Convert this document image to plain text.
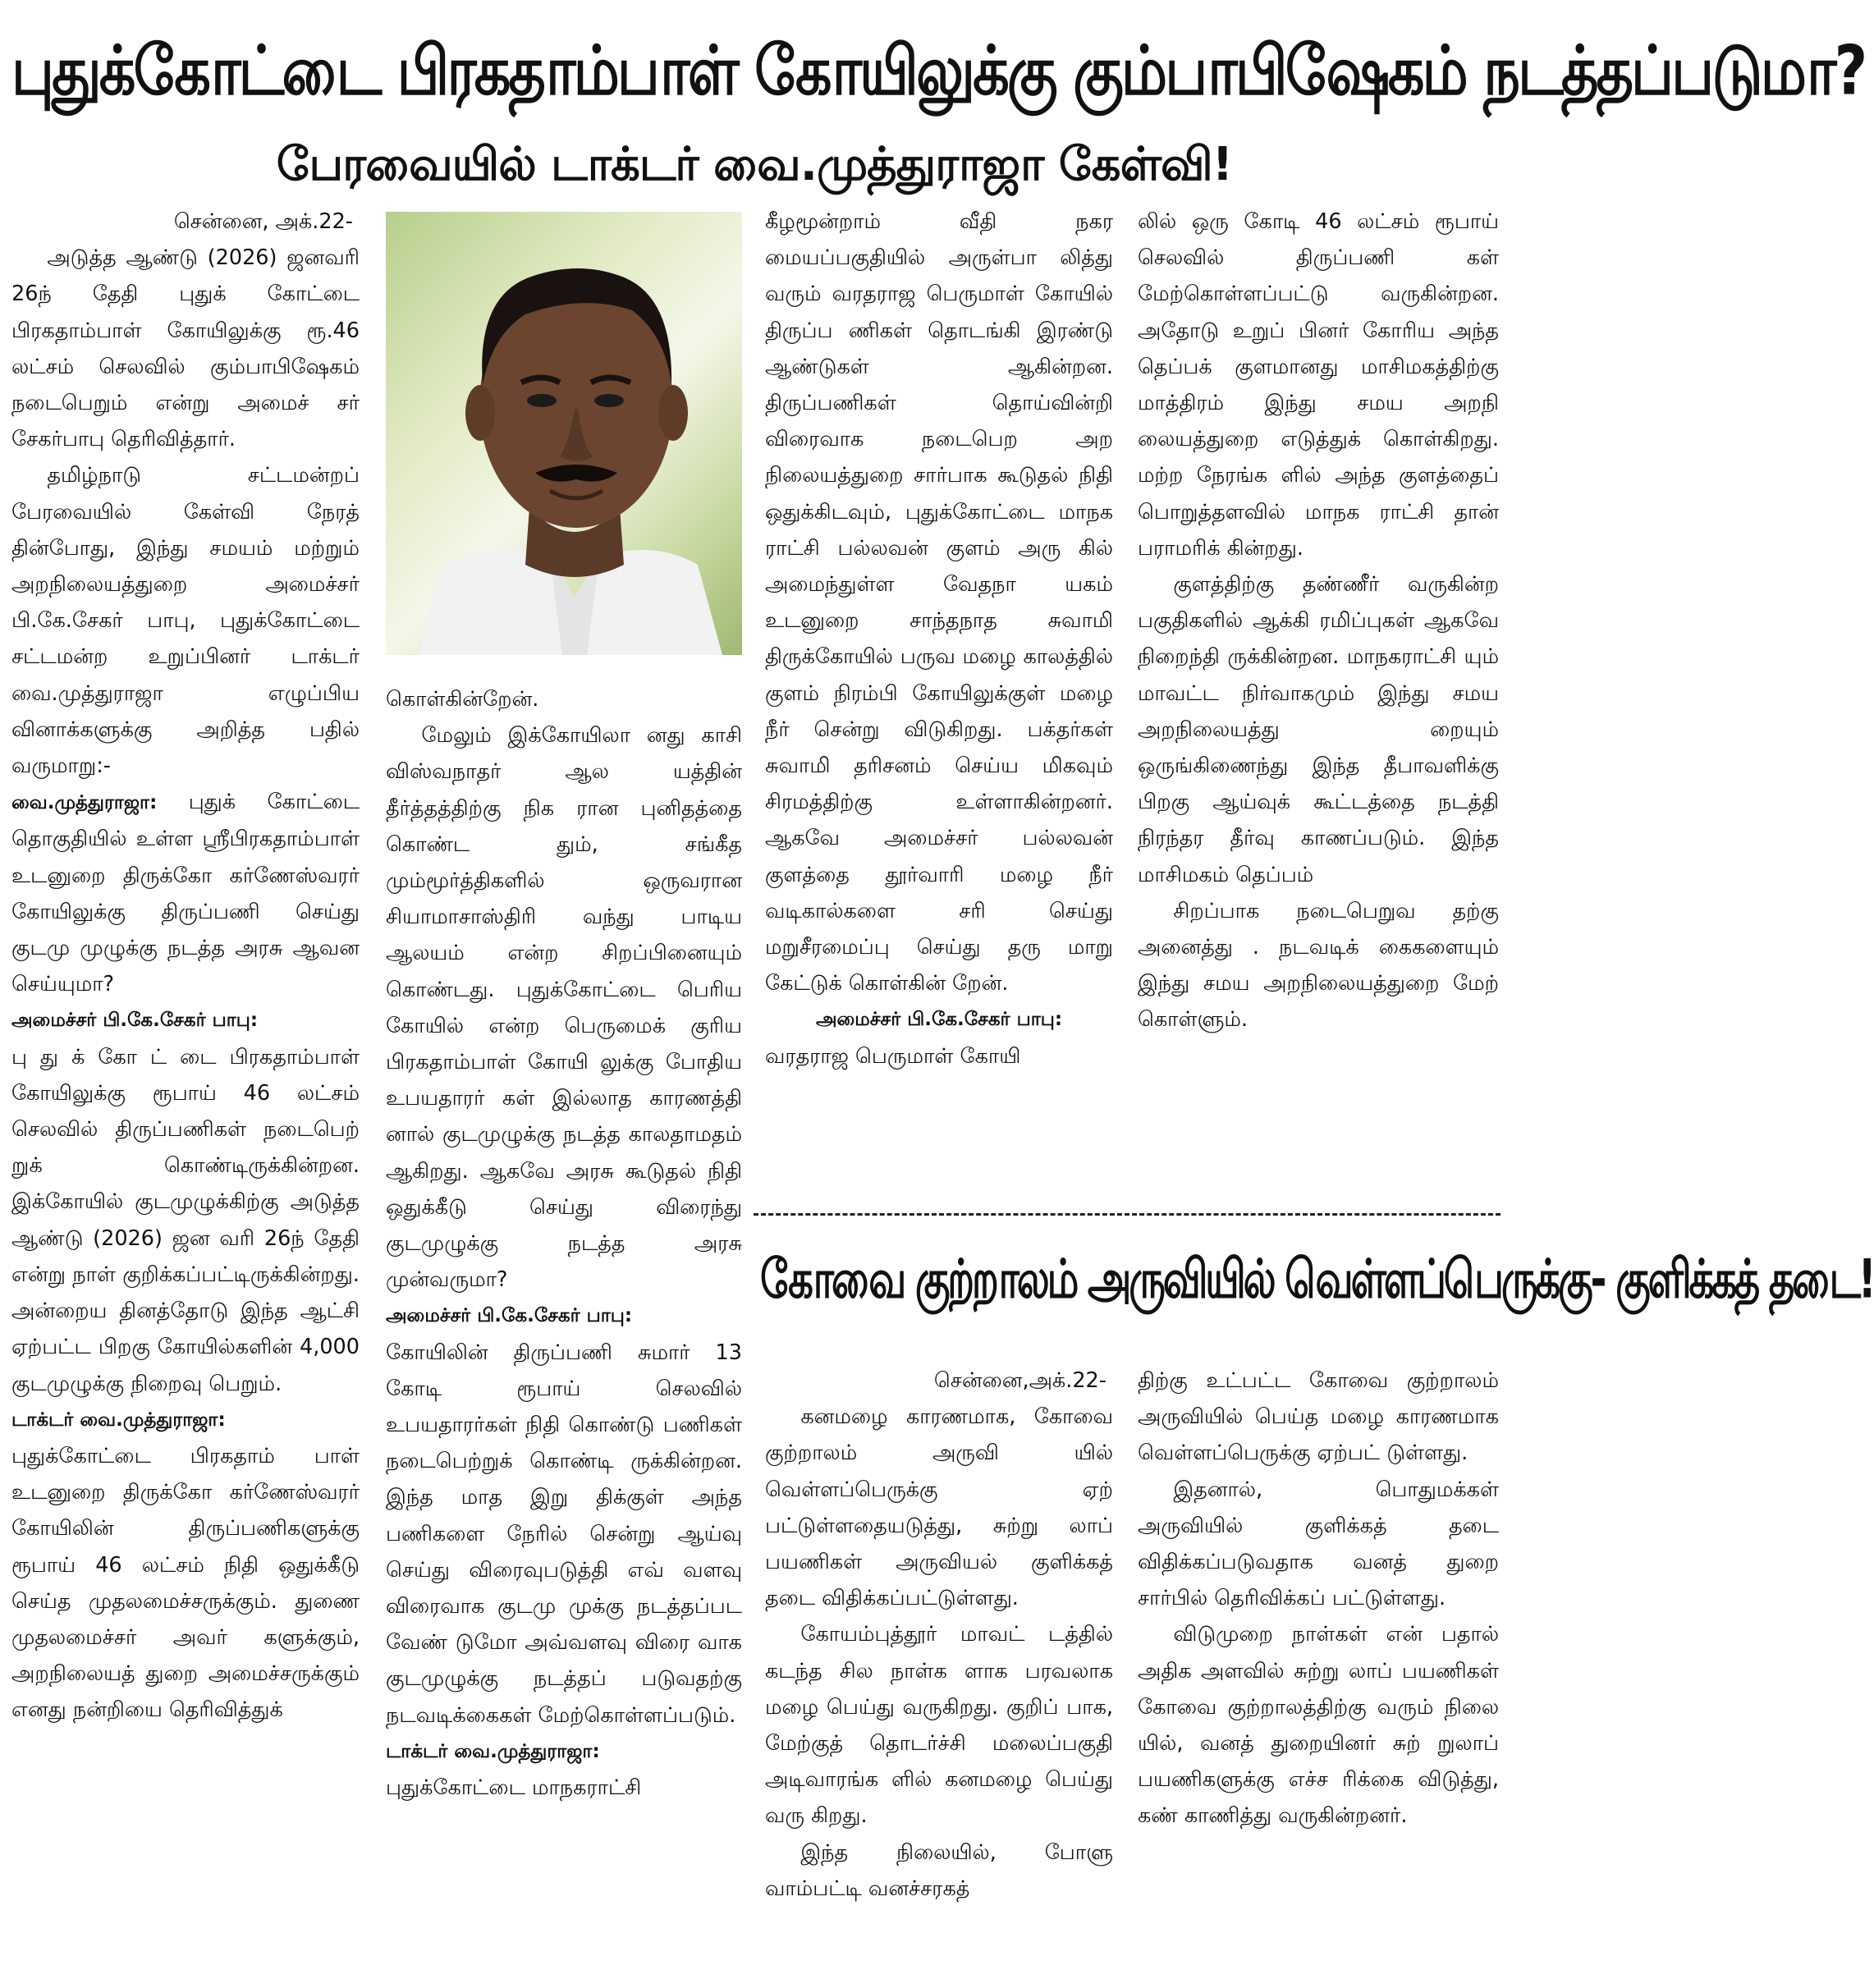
புதுக்கோட்டை பிரகதாம்பாள் கோயிலுக்கு கும்பாபிஷேகம் நடத்தப்படுமா?
பேரவையில் டாக்டர் வை.முத்துராஜா கேள்வி!

சென்னை, அக்.22-

அடுத்த ஆண்டு (2026) ஜனவரி 26ந் தேதி புதுக் கோட்டை பிரகதாம்பாள் கோயிலுக்கு ரூ.46 லட்சம் செலவில் கும்பாபிஷேகம் நடைபெறும் என்று அமைச் சர் சேகர்பாபு தெரிவித்தார்.

தமிழ்நாடு சட்டமன்றப் பேரவையில் கேள்வி நேரத் தின்போது, இந்து சமயம் மற்றும் அறநிலையத்துறை அமைச்சர் பி.கே.சேகர் பாபு, புதுக்கோட்டை சட்டமன்ற உறுப்பினர் டாக்டர் வை.முத்துராஜா எழுப்பிய வினாக்களுக்கு அறித்த பதில் வருமாறு:-

வை.முத்துராஜா: புதுக் கோட்டை தொகுதியில் உள்ள ஸ்ரீபிரகதாம்பாள் உடனுறை திருக்கோ கர்ணேஸ்வரர் கோயிலுக்கு திருப்பணி செய்து குடமு முழுக்கு நடத்த அரசு ஆவன செய்யுமா?

அமைச்சர் பி.கே.சேகர் பாபு:

பு து க் கோ ட் டை பிரகதாம்பாள் கோயிலுக்கு ரூபாய் 46 லட்சம் செலவில் திருப்பணிகள் நடைபெற் றுக் கொண்டிருக்கின்றன. இக்கோயில் குடமுழுக்கிற்கு அடுத்த ஆண்டு (2026) ஜன வரி 26ந் தேதி என்று நாள் குறிக்கப்பட்டிருக்கின்றது. அன்றைய தினத்தோடு இந்த ஆட்சி ஏற்பட்ட பிறகு கோயில்களின் 4,000 குடமுழுக்கு நிறைவு பெறும்.

டாக்டர் வை.முத்துராஜா:

புதுக்கோட்டை பிரகதாம் பாள் உடனுறை திருக்கோ கர்ணேஸ்வரர் கோயிலின் திருப்பணிகளுக்கு ரூபாய் 46 லட்சம் நிதி ஒதுக்கீடு செய்த முதலமைச்சருக்கும். துணை முதலமைச்சர் அவர் களுக்கும், அறநிலையத் துறை அமைச்சருக்கும் எனது நன்றியை தெரிவித்துக்

கொள்கின்றேன்.

மேலும் இக்கோயிலா னது காசி விஸ்வநாதர் ஆல யத்தின் தீர்த்தத்திற்கு நிக ரான புனிதத்தை கொண்ட தும், சங்கீத மும்மூர்த்திகளில் ஒருவரான சியாமாசாஸ்திரி வந்து பாடிய ஆலயம் என்ற சிறப்பினையும் கொண்டது. புதுக்கோட்டை பெரிய கோயில் என்ற பெருமைக் குரிய பிரகதாம்பாள் கோயி லுக்கு போதிய உபயதாரர் கள் இல்லாத காரணத்தி னால் குடமுழுக்கு நடத்த காலதாமதம் ஆகிறது. ஆகவே அரசு கூடுதல் நிதி ஒதுக்கீடு செய்து விரைந்து குடமுழுக்கு நடத்த அரசு முன்வருமா?

அமைச்சர் பி.கே.சேகர் பாபு:

கோயிலின் திருப்பணி சுமார் 13 கோடி ரூபாய் செலவில் உபயதாரர்கள் நிதி கொண்டு பணிகள் நடைபெற்றுக் கொண்டி ருக்கின்றன. இந்த மாத இறு திக்குள் அந்த பணிகளை நேரில் சென்று ஆய்வு செய்து விரைவுபடுத்தி எவ் வளவு விரைவாக குடமு முக்கு நடத்தப்பட வேண் டுமோ அவ்வளவு விரை வாக குடமுழுக்கு நடத்தப் படுவதற்கு நடவடிக்கைகள் மேற்கொள்ளப்படும்.

டாக்டர் வை.முத்துராஜா:

புதுக்கோட்டை மாநகராட்சி

கீழமூன்றாம் வீதி நகர மையப்பகுதியில் அருள்பா லித்து வரும் வரதராஜ பெருமாள் கோயில் திருப்ப ணிகள் தொடங்கி இரண்டு ஆண்டுகள் ஆகின்றன. திருப்பணிகள் தொய்வின்றி விரைவாக நடைபெற அற நிலையத்துறை சார்பாக கூடுதல் நிதி ஒதுக்கிடவும், புதுக்கோட்டை மாநக ராட்சி பல்லவன் குளம் அரு கில் அமைந்துள்ள வேதநா யகம் உடனுறை சாந்தநாத சுவாமி திருக்கோயில் பருவ மழை காலத்தில் குளம் நிரம்பி கோயிலுக்குள் மழை நீர் சென்று விடுகிறது. பக்தர்கள் சுவாமி தரிசனம் செய்ய மிகவும் சிரமத்திற்கு உள்ளாகின்றனர். ஆகவே அமைச்சர் பல்லவன் குளத்தை தூர்வாரி மழை நீர் வடிகால்களை சரி செய்து மறுசீரமைப்பு செய்து தரு மாறு கேட்டுக் கொள்கின் றேன்.

அமைச்சர் பி.கே.சேகர் பாபு:

வரதராஜ பெருமாள் கோயி

லில் ஒரு கோடி 46 லட்சம் ரூபாய் செலவில் திருப்பணி கள் மேற்கொள்ளப்பட்டு வருகின்றன. அதோடு உறுப் பினர் கோரிய அந்த தெப்பக் குளமானது மாசிமகத்திற்கு மாத்திரம் இந்து சமய அறநி லையத்துறை எடுத்துக் கொள்கிறது. மற்ற நேரங்க ளில் அந்த குளத்தைப் பொறுத்தளவில் மாநக ராட்சி தான் பராமரிக் கின்றது.

குளத்திற்கு தண்ணீர் வருகின்ற பகுதிகளில் ஆக்கி ரமிப்புகள் ஆகவே நிறைந்தி ருக்கின்றன. மாநகராட்சி யும் மாவட்ட நிர்வாகமும் இந்து சமய அறநிலையத்து றையும் ஒருங்கிணைந்து இந்த தீபாவளிக்கு பிறகு ஆய்வுக் கூட்டத்தை நடத்தி நிரந்தர தீர்வு காணப்படும். இந்த மாசிமகம் தெப்பம்

சிறப்பாக நடைபெறுவ தற்கு அனைத்து . நடவடிக் கைகளையும் இந்து சமய அறநிலையத்துறை மேற் கொள்ளும்.

கோவை குற்றாலம் அருவியில் வெள்ளப்பெருக்கு- குளிக்கத் தடை!

சென்னை,அக்.22-

கனமழை காரணமாக, கோவை குற்றாலம் அருவி யில் வெள்ளப்பெருக்கு ஏற் பட்டுள்ளதையடுத்து, சுற்று லாப் பயணிகள் அருவியல் குளிக்கத் தடை விதிக்கப்பட்டுள்ளது.

கோயம்புத்தூர் மாவட் டத்தில் கடந்த சில நாள்க ளாக பரவலாக மழை பெய்து வருகிறது. குறிப் பாக, மேற்குத் தொடர்ச்சி மலைப்பகுதி அடிவாரங்க ளில் கனமழை பெய்து வரு கிறது.

இந்த நிலையில், போளு வாம்பட்டி வனச்சரகத்

திற்கு உட்பட்ட கோவை குற்றாலம் அருவியில் பெய்த மழை காரணமாக வெள்ளப்பெருக்கு ஏற்பட் டுள்ளது.

இதனால், பொதுமக்கள் அருவியில் குளிக்கத் தடை விதிக்கப்படுவதாக வனத் துறை சார்பில் தெரிவிக்கப் பட்டுள்ளது.

விடுமுறை நாள்கள் என் பதால் அதிக அளவில் சுற்று லாப் பயணிகள் கோவை குற்றாலத்திற்கு வரும் நிலை யில், வனத் துறையினர் சுற் றுலாப் பயணிகளுக்கு எச்ச ரிக்கை விடுத்து, கண் காணித்து வருகின்றனர்.
